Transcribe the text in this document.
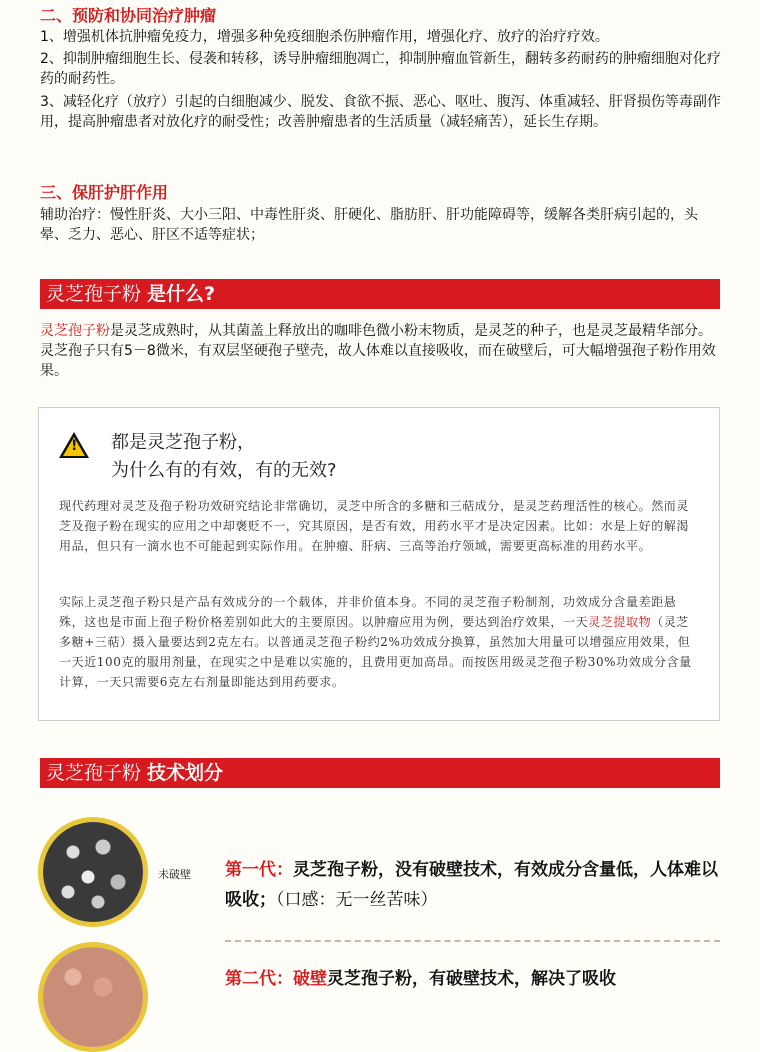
二、预防和协同治疗肿瘤
1、增强机体抗肿瘤免疫力，增强多种免疫细胞杀伤肿瘤作用，增强化疗、放疗的治疗疗效。
2、抑制肿瘤细胞生长、侵袭和转移，诱导肿瘤细胞凋亡，抑制肿瘤血管新生，翻转多药耐药的肿瘤细胞对化疗药的耐药性。
3、减轻化疗（放疗）引起的白细胞减少、脱发、食欲不振、恶心、呕吐、腹泻、体重减轻、肝肾损伤等毒副作用，提高肿瘤患者对放化疗的耐受性；改善肿瘤患者的生活质量（减轻痛苦），延长生存期。
三、保肝护肝作用
辅助治疗：慢性肝炎、大小三阳、中毒性肝炎、肝硬化、脂肪肝、肝功能障碍等，缓解各类肝病引起的，头晕、乏力、恶心、肝区不适等症状；
灵芝孢子粉 是什么?
灵芝孢子粉是灵芝成熟时，从其菌盖上释放出的咖啡色微小粉末物质，是灵芝的种子，也是灵芝最精华部分。灵芝孢子只有5－8微米，有双层坚硬孢子壁壳，故人体难以直接吸收，而在破壁后，可大幅增强孢子粉作用效果。
! 都是灵芝孢子粉，
为什么有的有效，有的无效?
现代药理对灵芝及孢子粉功效研究结论非常确切，灵芝中所含的多糖和三萜成分，是灵芝药理活性的核心。然而灵芝及孢子粉在现实的应用之中却褒贬不一，究其原因，是否有效，用药水平才是决定因素。比如：水是上好的解渴用品，但只有一滴水也不可能起到实际作用。在肿瘤、肝病、三高等治疗领域，需要更高标准的用药水平。
实际上灵芝孢子粉只是产品有效成分的一个载体，并非价值本身。不同的灵芝孢子粉制剂，功效成分含量差距悬殊，这也是市面上孢子粉价格差别如此大的主要原因。以肿瘤应用为例，要达到治疗效果，一天灵芝提取物（灵芝多糖+三萜）摄入量要达到2克左右。以普通灵芝孢子粉约2%功效成分换算，虽然加大用量可以增强应用效果，但一天近100克的服用剂量，在现实之中是难以实施的，且费用更加高昂。而按医用级灵芝孢子粉30%功效成分含量计算，一天只需要6克左右剂量即能达到用药要求。
灵芝孢子粉 技术划分
未破壁 第一代：灵芝孢子粉，没有破壁技术，有效成分含量低，人体难以吸收；（口感：无一丝苦味）
第二代：破壁灵芝孢子粉，有破壁技术，解决了吸收
